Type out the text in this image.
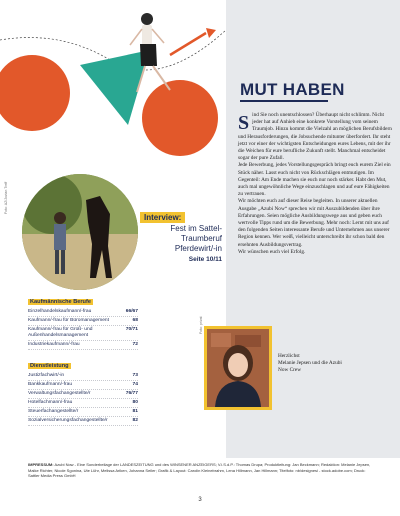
MUT HABEN

Sind Sie noch unentschlossen? Überhaupt nicht schlimm. Nicht jeder hat auf Anhieb eine konkrete Vorstellung vom seinem Traumjob. Hinzu kommt die Vielzahl an möglichen Berufsbildern und Herausforderungen, die Jobsuchende mitunter überfordert. Ihr steht jetzt vor einer der wichtigsten Entscheidungen eures Lebens, mit der ihr die Weichen für eure berufliche Zukunft stellt. Manchmal entscheidet sogar der pure Zufall.

Jede Bewerbung, jedes Vorstellungsgespräch bringt euch eurem Ziel ein Stück näher. Lasst euch nicht von Rückschlägen entmutigen. Im Gegenteil: Am Ende machen sie euch nur noch stärker. Habt den Mut, auch mal ungewöhnliche Wege einzuschlagen und auf eure Fähigkeiten zu vertrauen.

Wir möchten euch auf dieser Reise begleiten. In unserer aktuellen Ausgabe „Azubi Now“ sprechen wir mit Auszubildenden über ihre Erfahrungen. Seien mögliche Ausbildungswege aus und geben euch wertvolle Tipps rund um die Bewerbung. Mehr noch: Lernt mit uns auf den folgenden Seiten interessante Berufe und Unternehmen aus unserer Region kennen. Wer weiß, vielleicht unterschreibt ihr schon bald den ersehnten Ausbildungsvertrag.

Wir wünschen euch viel Erfolg.

Herzlichst
Melanie Jepsen und die Azubi
Now Crew
Foto: AZ/Jovian Treff
Interview:
Fest im Sattel-
Traumberuf
Pferdewirt/-in
Seite 10/11
Kaufmännische Berufe
Einzelhandelskaufmann/-frau	66/67
Kaufmann/-frau für Büromanagement	68
Kaufmann/-frau für Groß- und Außenhandelsmanagement
70/71
Industriekaufmann/-frau	72
Dienstleistung
Justizfachwirt/-in	73
Bankkaufmann/-frau	74
Verwaltungsfachangestellte/r	76/77
Hotelfachmann/-frau	80
Steuerfachangestellte/r	81
Sozialversicherungsfachangestellte/r	82
Foto: privat
IMPRESSUM: Azubi Now - Eine Sonderbeilage der LANDESZEITUNG und des WINSENER ANZEIGERS; V.i.S.d.P.: Thomas Drupa; Produktleitung: Jan Beckmann; Redaktion: Melanie Jepsen, Maike Richter, Nicole Sgonina, Ute Lühr, Melissa Ariken, Johanna Seiler; Grafik & Layout: Carolin Kleinebrahm, Lena Hillmann, Jan Hillmann; Titelfoto: nb/designesi - stock.adobe.com; Druck: Sattler Media Press GmbH
3
